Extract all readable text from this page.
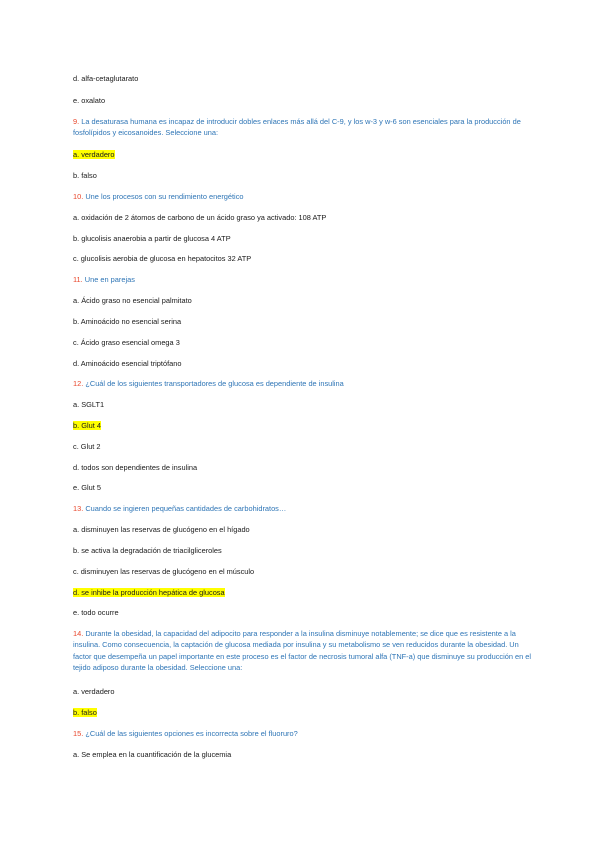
d. alfa-cetaglutarato
e. oxalato
9. La desaturasa humana es incapaz de introducir dobles enlaces más allá del C-9, y los w-3 y w-6 son esenciales para la producción de fosfolípidos y eicosanoides. Seleccione una:
a. verdadero
b. falso
10. Une los procesos con su rendimiento energético
a. oxidación de 2 átomos de carbono de un ácido graso ya activado: 108 ATP
b. glucolisis anaerobia a partir de glucosa 4 ATP
c. glucolisis aerobia de glucosa en hepatocitos 32 ATP
11. Une en parejas
a. Ácido graso no esencial palmitato
b. Aminoácido no esencial serina
c. Ácido graso esencial omega 3
d. Aminoácido esencial triptófano
12. ¿Cuál de los siguientes transportadores de glucosa es dependiente de insulina
a. SGLT1
b. Glut 4
c. Glut 2
d. todos son dependientes de insulina
e. Glut 5
13. Cuando se ingieren pequeñas cantidades de carbohidratos…
a. disminuyen las reservas de glucógeno en el hígado
b. se activa la degradación de triacilgliceroles
c. disminuyen las reservas de glucógeno en el músculo
d. se inhibe la producción hepática de glucosa
e. todo ocurre
14. Durante la obesidad, la capacidad del adipocito para responder a la insulina disminuye notablemente; se dice que es resistente a la insulina. Como consecuencia, la captación de glucosa mediada por insulina y su metabolismo se ven reducidos durante la obesidad. Un factor que desempeña un papel importante en este proceso es el factor de necrosis tumoral alfa (TNF-a) que disminuye su producción en el tejido adiposo durante la obesidad. Seleccione una:
a. verdadero
b. falso
15. ¿Cuál de las siguientes opciones es incorrecta sobre el fluoruro?
a. Se emplea en la cuantificación de la glucemia
